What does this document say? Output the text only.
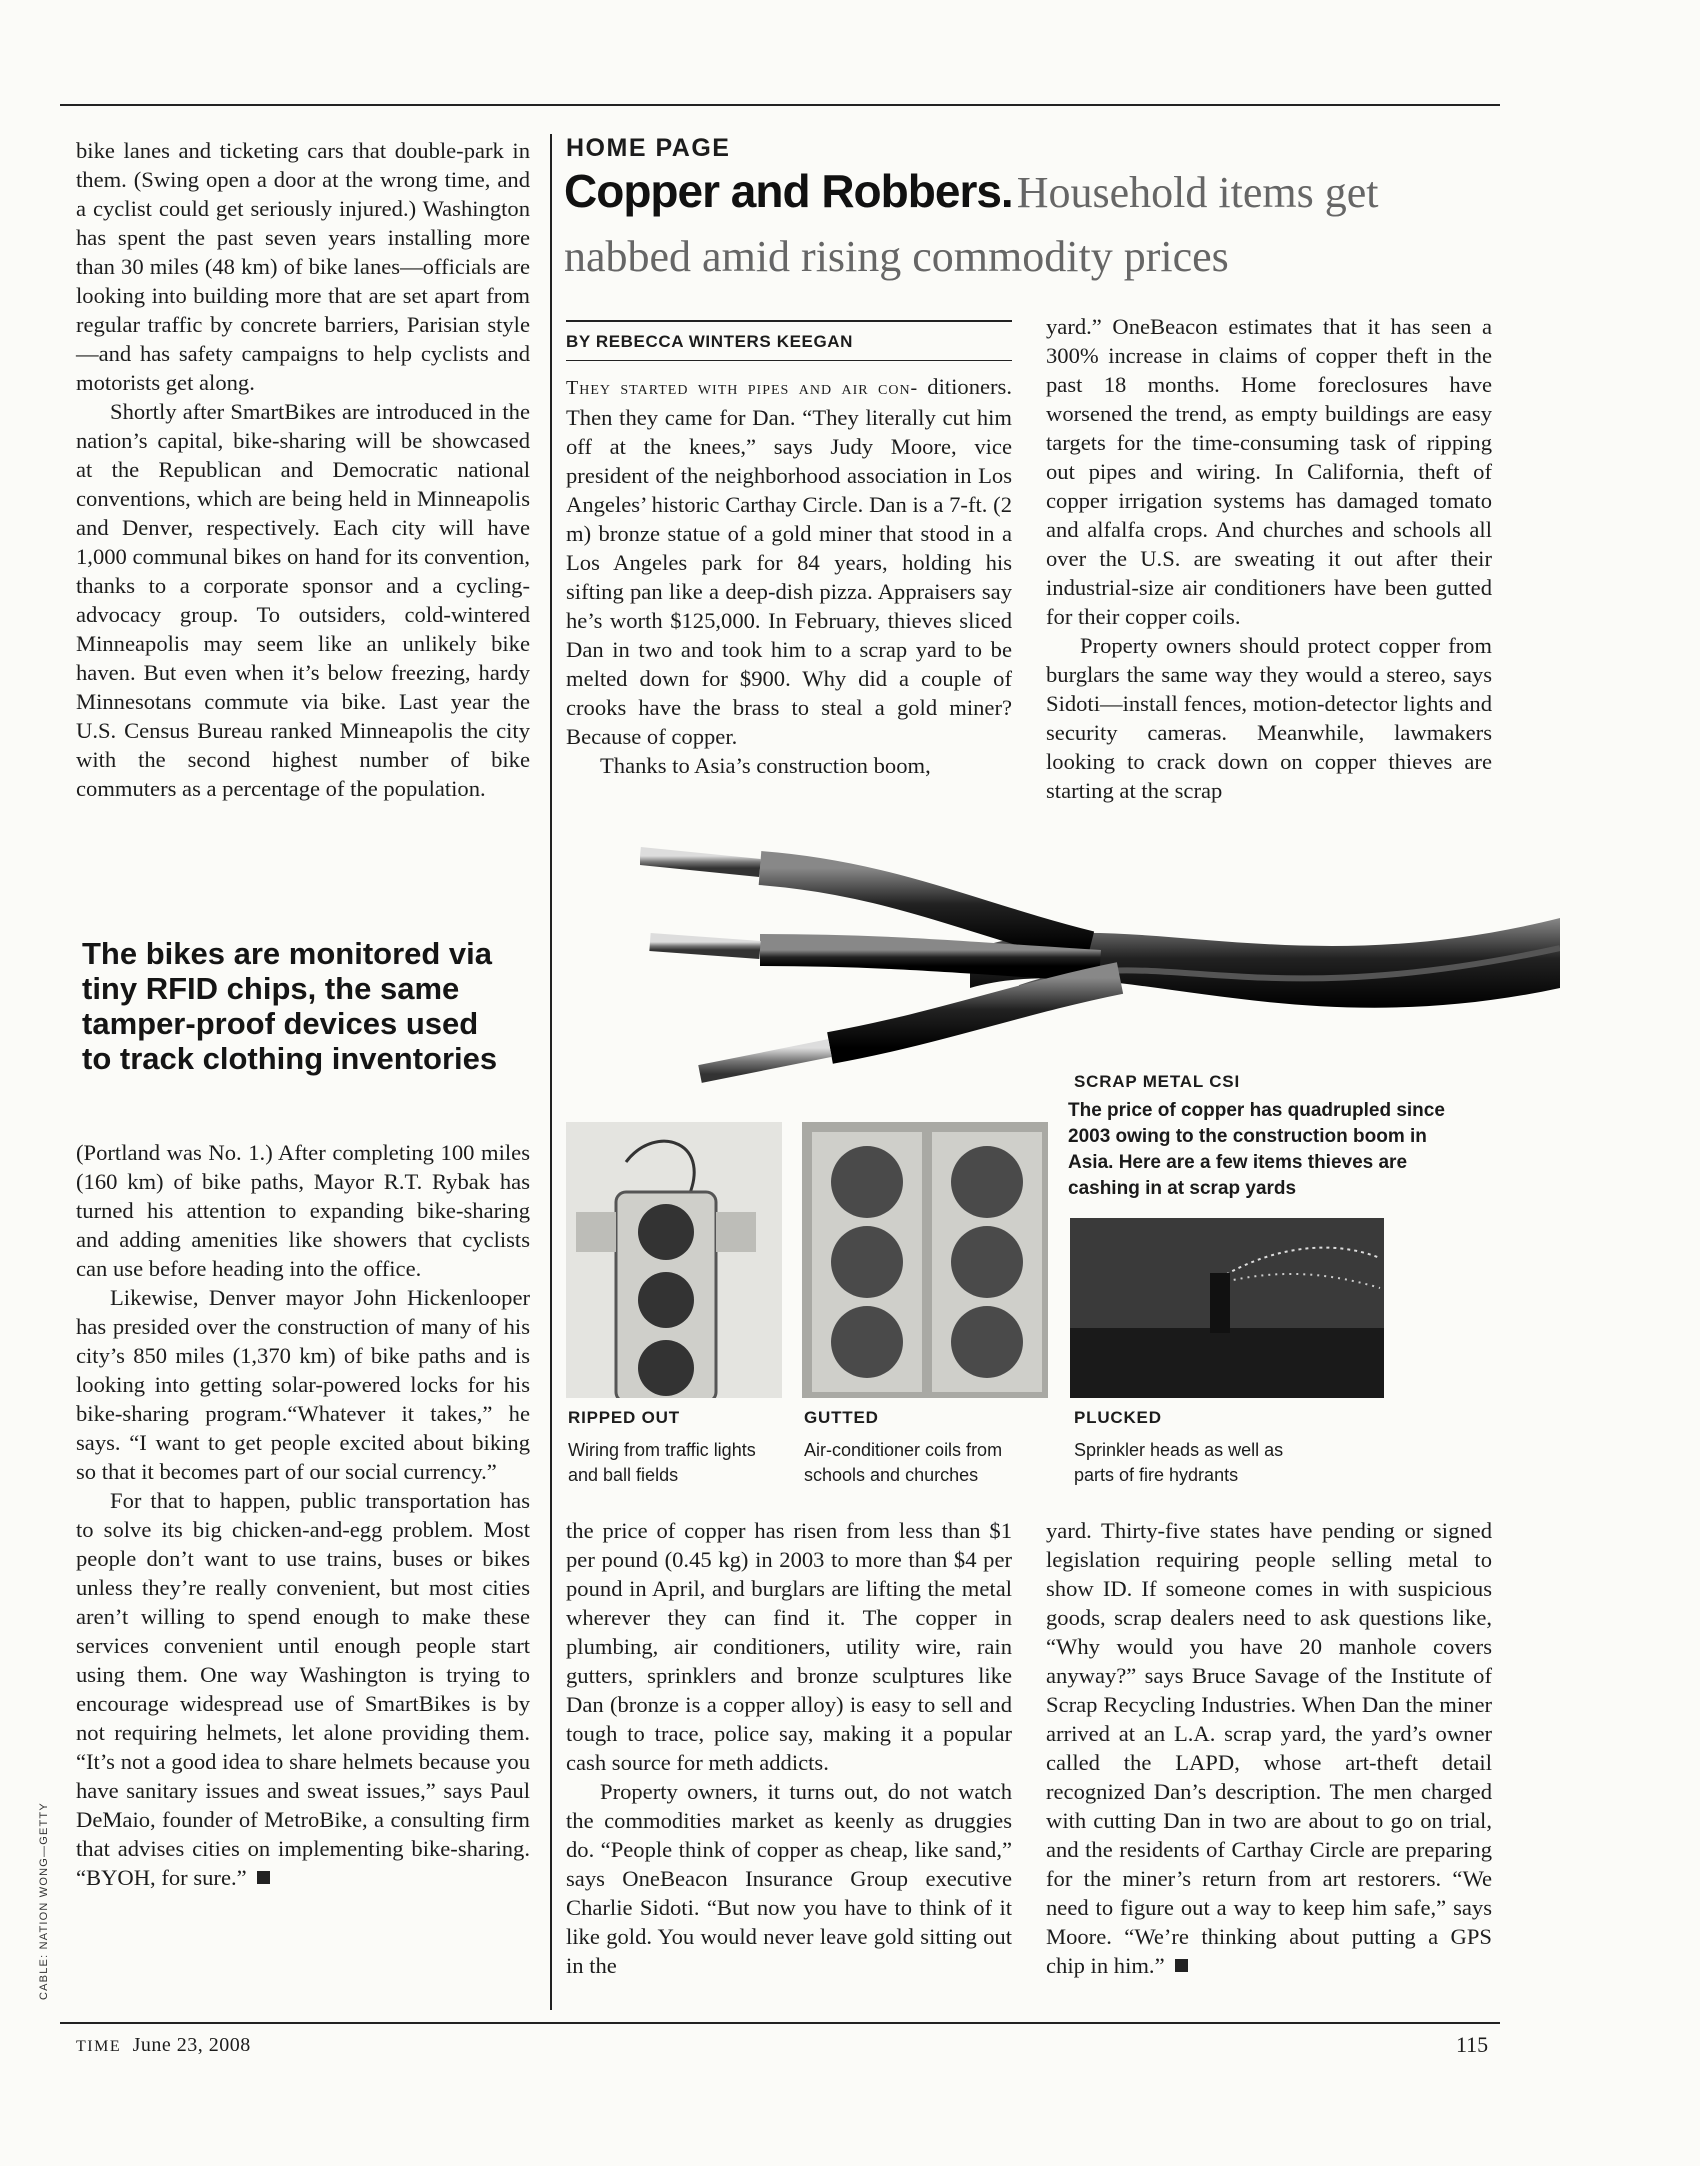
bike lanes and ticketing cars that double-park in them. (Swing open a door at the wrong time, and a cyclist could get seriously injured.) Washington has spent the past seven years installing more than 30 miles (48 km) of bike lanes—officials are looking into building more that are set apart from regular traffic by concrete barriers, Parisian style—and has safety campaigns to help cyclists and motorists get along.

Shortly after SmartBikes are introduced in the nation’s capital, bike-sharing will be showcased at the Republican and Democratic national conventions, which are being held in Minneapolis and Denver, respectively. Each city will have 1,000 communal bikes on hand for its convention, thanks to a corporate sponsor and a cycling-advocacy group. To outsiders, cold-wintered Minneapolis may seem like an unlikely bike haven. But even when it’s below freezing, hardy Minnesotans commute via bike. Last year the U.S. Census Bureau ranked Minneapolis the city with the second highest number of bike commuters as a percentage of the population.

The bikes are monitored via tiny RFID chips, the same tamper-proof devices used to track clothing inventories

(Portland was No. 1.) After completing 100 miles (160 km) of bike paths, Mayor R.T. Rybak has turned his attention to expanding bike-sharing and adding amenities like showers that cyclists can use before heading into the office.

Likewise, Denver mayor John Hickenlooper has presided over the construction of many of his city’s 850 miles (1,370 km) of bike paths and is looking into getting solar-powered locks for his bike-sharing program.“Whatever it takes,” he says. “I want to get people excited about biking so that it becomes part of our social currency.”

For that to happen, public transportation has to solve its big chicken-and-egg problem. Most people don’t want to use trains, buses or bikes unless they’re really convenient, but most cities aren’t willing to spend enough to make these services convenient until enough people start using them. One way Washington is trying to encourage widespread use of SmartBikes is by not requiring helmets, let alone providing them. “It’s not a good idea to share helmets because you have sanitary issues and sweat issues,” says Paul DeMaio, founder of MetroBike, a consulting firm that advises cities on implementing bike-sharing. “BYOH, for sure.”

CABLE: NATION WONG—GETTY
HOME PAGE
Copper and Robbers. Household items get nabbed amid rising commodity prices
BY REBECCA WINTERS KEEGAN

They started with pipes and air con- ditioners. Then they came for Dan. “They literally cut him off at the knees,” says Judy Moore, vice president of the neighborhood association in Los Angeles’ historic Carthay Circle. Dan is a 7-ft. (2 m) bronze statue of a gold miner that stood in a Los Angeles park for 84 years, holding his sifting pan like a deep-dish pizza. Appraisers say he’s worth $125,000. In February, thieves sliced Dan in two and took him to a scrap yard to be melted down for $900. Why did a couple of crooks have the brass to steal a gold miner? Because of copper.

Thanks to Asia’s construction boom,

yard.” OneBeacon estimates that it has seen a 300% increase in claims of copper theft in the past 18 months. Home foreclosures have worsened the trend, as empty buildings are easy targets for the time-consuming task of ripping out pipes and wiring. In California, theft of copper irrigation systems has damaged tomato and alfalfa crops. And churches and schools all over the U.S. are sweating it out after their industrial-size air conditioners have been gutted for their copper coils.

Property owners should protect copper from burglars the same way they would a stereo, says Sidoti—install fences, motion-detector lights and security cameras. Meanwhile, lawmakers looking to crack down on copper thieves are starting at the scrap

SCRAP METAL CSI
The price of copper has quadrupled since 2003 owing to the construction boom in Asia. Here are a few items thieves are cashing in at scrap yards
RIPPED OUT
Wiring from traffic lights and ball fields
GUTTED
Air-conditioner coils from schools and churches
PLUCKED
Sprinkler heads as well as parts of fire hydrants

the price of copper has risen from less than $1 per pound (0.45 kg) in 2003 to more than $4 per pound in April, and burglars are lifting the metal wherever they can find it. The copper in plumbing, air conditioners, utility wire, rain gutters, sprinklers and bronze sculptures like Dan (bronze is a copper alloy) is easy to sell and tough to trace, police say, making it a popular cash source for meth addicts.

Property owners, it turns out, do not watch the commodities market as keenly as druggies do. “People think of copper as cheap, like sand,” says OneBeacon Insurance Group executive Charlie Sidoti. “But now you have to think of it like gold. You would never leave gold sitting out in the

yard. Thirty-five states have pending or signed legislation requiring people selling metal to show ID. If someone comes in with suspicious goods, scrap dealers need to ask questions like, “Why would you have 20 manhole covers anyway?” says Bruce Savage of the Institute of Scrap Recycling Industries. When Dan the miner arrived at an L.A. scrap yard, the yard’s owner called the LAPD, whose art-theft detail recognized Dan’s description. The men charged with cutting Dan in two are about to go on trial, and the residents of Carthay Circle are preparing for the miner’s return from art restorers. “We need to figure out a way to keep him safe,” says Moore. “We’re thinking about putting a GPS chip in him.”

TIME June 23, 2008	115
